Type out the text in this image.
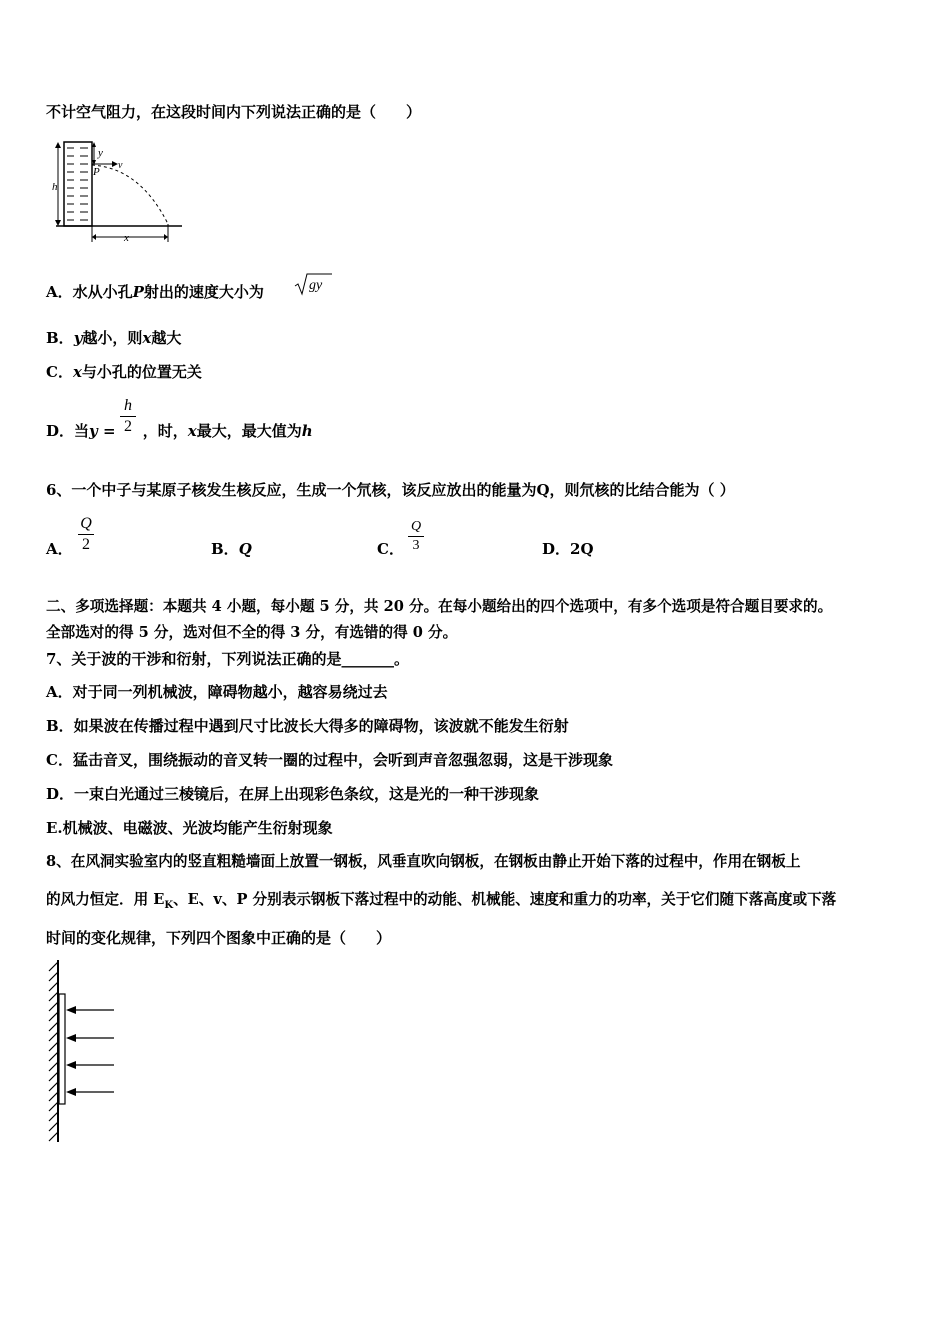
不计空气阻力，在这段时间内下列说法正确的是（　　）
h
y
v
P
x
A．水从小孔P射出的速度大小为	gy
B．y越小，则x越大
C．x与小孔的位置无关
D．当y = ，时，x最大，最大值为h
h
2
6、一个中子与某原子核发生核反应，生成一个氘核，该反应放出的能量为Q，则氘核的比结合能为（ ）
A．
Q
2	B．Q	C．
Q
3	D．2Q
二、多项选择题：本题共 4 小题，每小题 5 分，共 20 分。在每小题给出的四个选项中，有多个选项是符合题目要求的。
全部选对的得 5 分，选对但不全的得 3 分，有选错的得 0 分。
7、关于波的干涉和衍射，下列说法正确的是_______。
A．对于同一列机械波，障碍物越小，越容易绕过去
B．如果波在传播过程中遇到尺寸比波长大得多的障碍物，该波就不能发生衍射
C．猛击音叉，围绕振动的音叉转一圈的过程中，会听到声音忽强忽弱，这是干涉现象
D．一束白光通过三棱镜后，在屏上出现彩色条纹，这是光的一种干涉现象
E.机械波、电磁波、光波均能产生衍射现象
8、在风洞实验室内的竖直粗糙墙面上放置一钢板，风垂直吹向钢板，在钢板由静止开始下落的过程中，作用在钢板上
的风力恒定．用 $E_K$、E、v、P 分别表示钢板下落过程中的动能、机械能、速度和重力的功率，关于它们随下落高度或下落
时间的变化规律，下列四个图象中正确的是（　　）
